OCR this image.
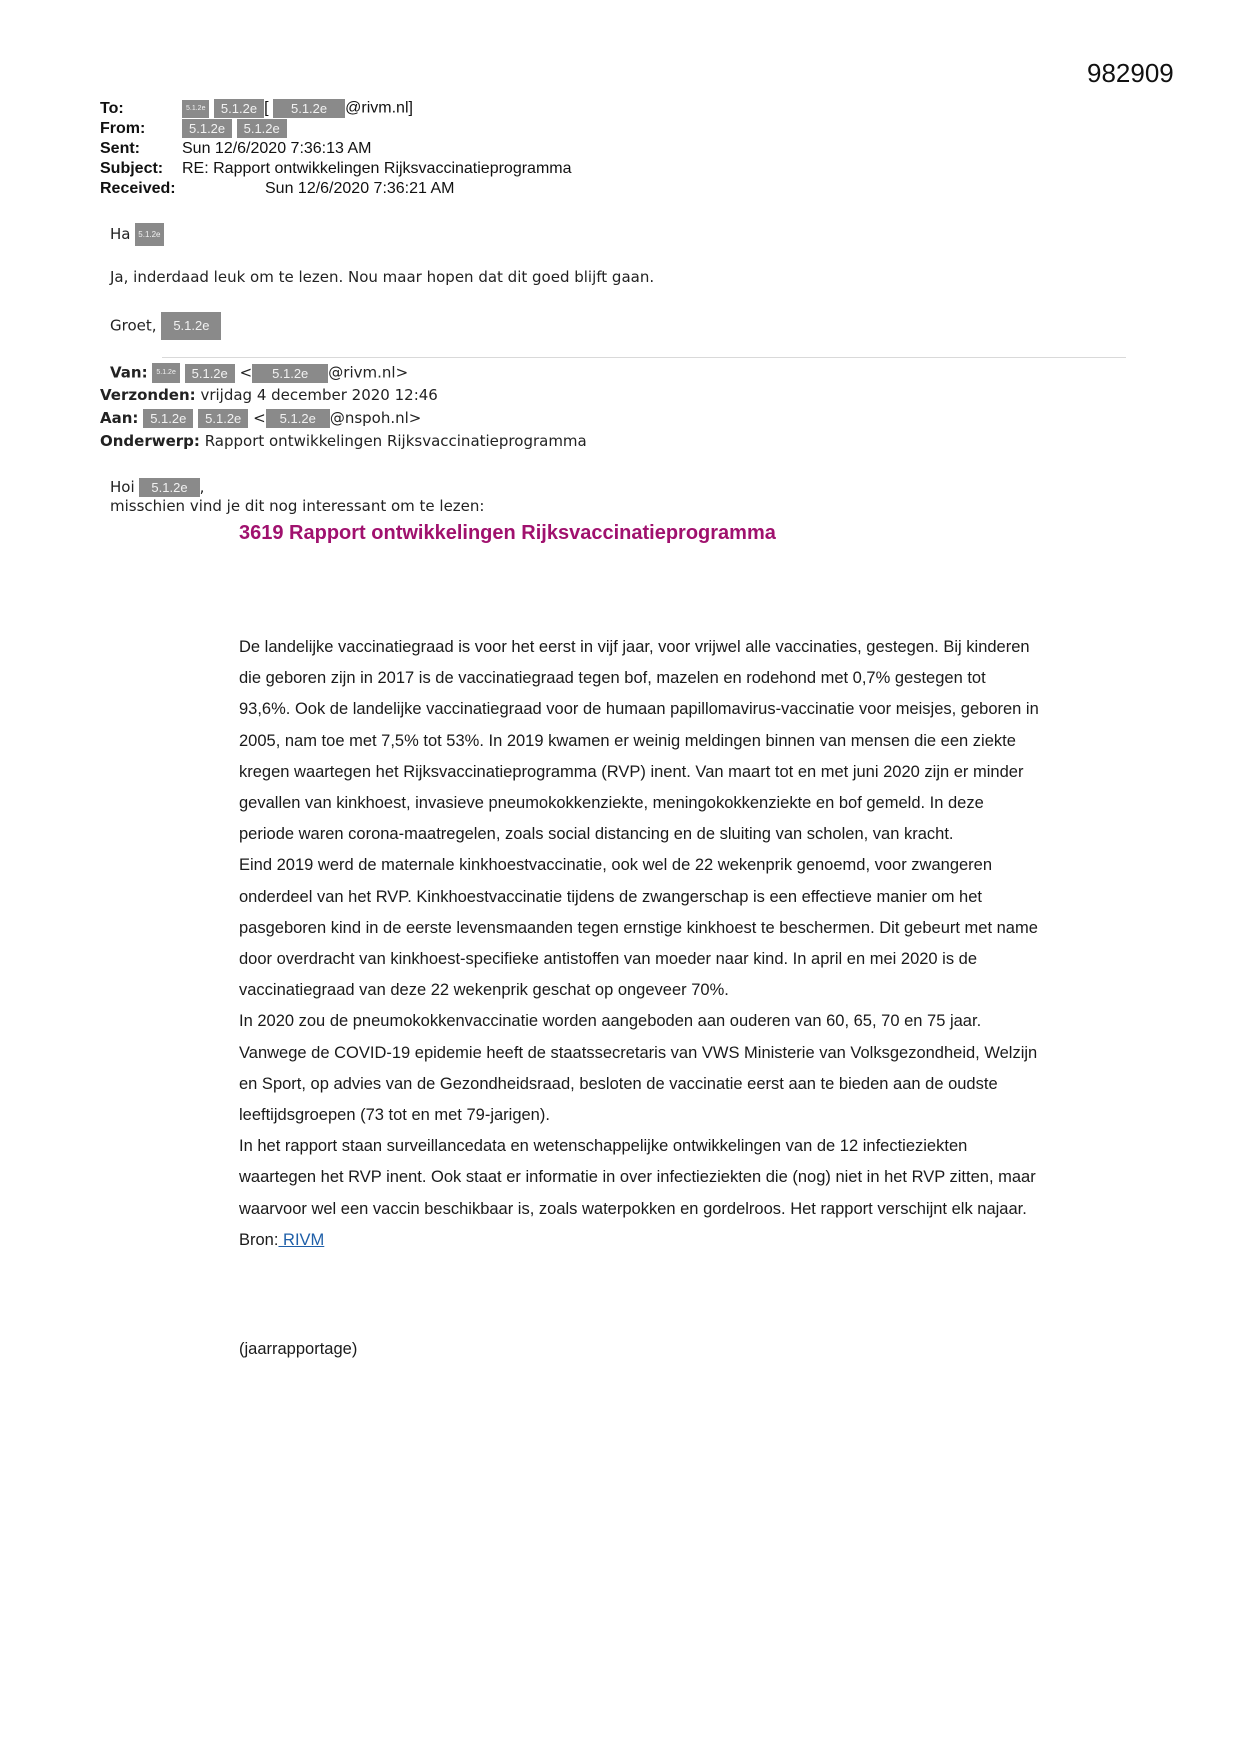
982909
To:	5.1.2e 5.1.2e [ 5.1.2e @rivm.nl]
From:	5.1.2e 5.1.2e
Sent:	Sun 12/6/2020 7:36:13 AM
Subject: RE: Rapport ontwikkelingen Rijksvaccinatieprogramma
Received:	Sun 12/6/2020 7:36:21 AM
Ha 5.1.2e
Ja, inderdaad leuk om te lezen. Nou maar hopen dat dit goed blijft gaan.
Groet, 5.1.2e
Van: 5.1.2e 5.1.2e < 5.1.2e @rivm.nl>
Verzonden: vrijdag 4 december 2020 12:46
Aan: 5.1.2e 5.1.2e < 5.1.2e @nspoh.nl>
Onderwerp: Rapport ontwikkelingen Rijksvaccinatieprogramma
Hoi 5.1.2e ,
misschien vind je dit nog interessant om te lezen:
3619 Rapport ontwikkelingen Rijksvaccinatieprogramma

De landelijke vaccinatiegraad is voor het eerst in vijf jaar, voor vrijwel alle vaccinaties, gestegen. Bij kinderen die geboren zijn in 2017 is de vaccinatiegraad tegen bof, mazelen en rodehond met 0,7% gestegen tot 93,6%. Ook de landelijke vaccinatiegraad voor de humaan papillomavirus-vaccinatie voor meisjes, geboren in 2005, nam toe met 7,5% tot 53%. In 2019 kwamen er weinig meldingen binnen van mensen die een ziekte kregen waartegen het Rijksvaccinatieprogramma (RVP) inent. Van maart tot en met juni 2020 zijn er minder gevallen van kinkhoest, invasieve pneumokokkenziekte, meningokokkenziekte en bof gemeld. In deze periode waren corona-maatregelen, zoals social distancing en de sluiting van scholen, van kracht.

Eind 2019 werd de maternale kinkhoestvaccinatie, ook wel de 22 wekenprik genoemd, voor zwangeren onderdeel van het RVP. Kinkhoestvaccinatie tijdens de zwangerschap is een effectieve manier om het pasgeboren kind in de eerste levensmaanden tegen ernstige kinkhoest te beschermen. Dit gebeurt met name door overdracht van kinkhoest-specifieke antistoffen van moeder naar kind. In april en mei 2020 is de vaccinatiegraad van deze 22 wekenprik geschat op ongeveer 70%.

In 2020 zou de pneumokokkenvaccinatie worden aangeboden aan ouderen van 60, 65, 70 en 75 jaar. Vanwege de COVID-19 epidemie heeft de staatssecretaris van VWS Ministerie van Volksgezondheid, Welzijn en Sport, op advies van de Gezondheidsraad, besloten de vaccinatie eerst aan te bieden aan de oudste leeftijdsgroepen (73 tot en met 79-jarigen).

In het rapport staan surveillancedata en wetenschappelijke ontwikkelingen van de 12 infectieziekten waartegen het RVP inent. Ook staat er informatie in over infectieziekten die (nog) niet in het RVP zitten, maar waarvoor wel een vaccin beschikbaar is, zoals waterpokken en gordelroos. Het rapport verschijnt elk najaar. Bron: RIVM

(jaarrapportage)
